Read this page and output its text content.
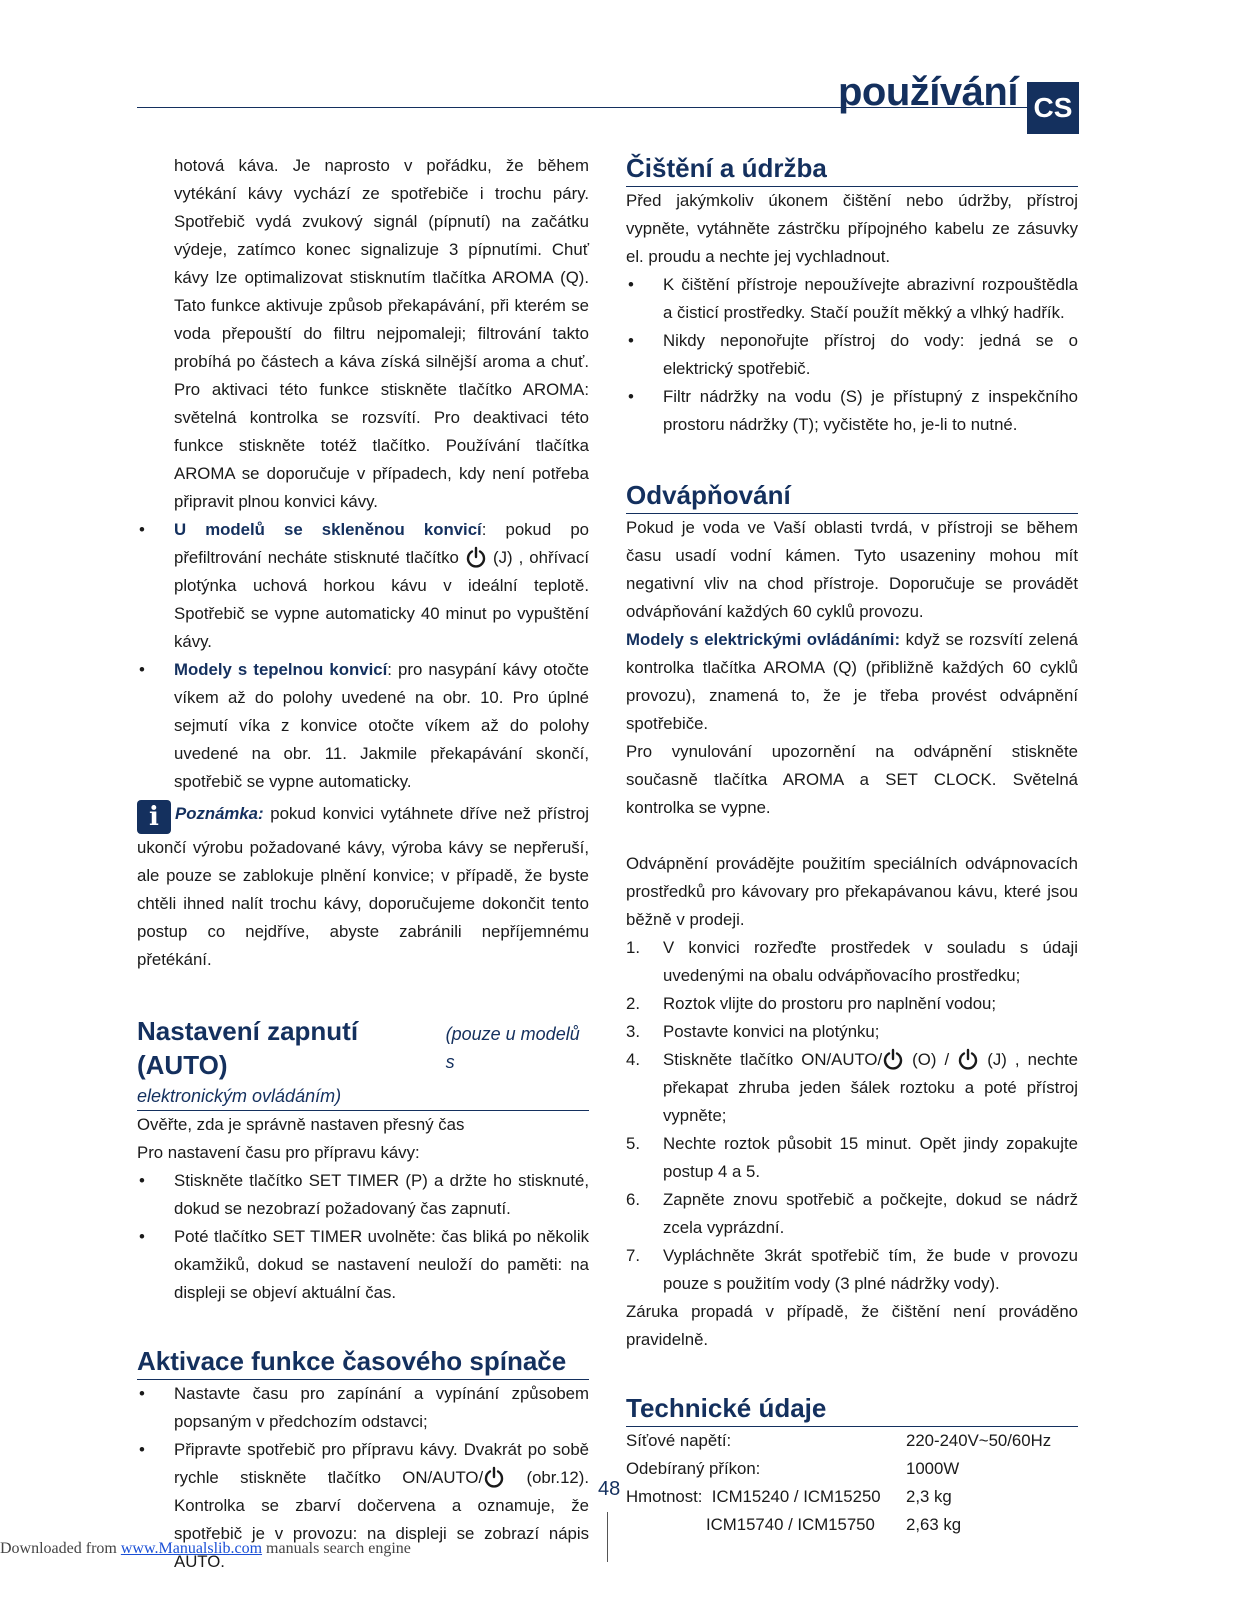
používání CS

hotová káva. Je naprosto v pořádku, že během vytékání kávy vychází ze spotřebiče i trochu páry. Spotřebič vydá zvukový signál (pípnutí) na začátku výdeje, zatímco konec signalizuje 3 pípnutími. Chuť kávy lze optimalizovat stisknutím tlačítka AROMA (Q). Tato funkce aktivuje způsob překapávání, při kterém se voda přepouští do filtru nejpomaleji; filtrování takto probíhá po částech a káva získá silnější aroma a chuť. Pro aktivaci této funkce stiskněte tlačítko AROMA: světelná kontrolka se rozsvítí. Pro deaktivaci této funkce stiskněte totéž tlačítko. Používání tlačítka AROMA se doporučuje v případech, kdy není potřeba připravit plnou konvici kávy.

• U modelů se skleněnou konvicí: pokud po přefiltrování necháte stisknuté tlačítko (J) , ohřívací plotýnka uchová horkou kávu v ideální teplotě. Spotřebič se vypne automaticky 40 minut po vypuštění kávy.

• Modely s tepelnou konvicí: pro nasypání kávy otočte víkem až do polohy uvedené na obr. 10. Pro úplné sejmutí víka z konvice otočte víkem až do polohy uvedené na obr. 11. Jakmile překapávání skončí, spotřebič se vypne automaticky.

i Poznámka: pokud konvici vytáhnete dříve než přístroj ukončí výrobu požadované kávy, výroba kávy se nepřeruší, ale pouze se zablokuje plnění konvice; v případě, že byste chtěli ihned nalít trochu kávy, doporučujeme dokončit tento postup co nejdříve, abyste zabránili nepříjemnému přetékání.

Nastavení zapnutí (AUTO)
(pouze u modelů s
elektronickým ovládáním)

Ověřte, zda je správně nastaven přesný čas

Pro nastavení času pro přípravu kávy:

• Stiskněte tlačítko SET TIMER (P) a držte ho stisknuté, dokud se nezobrazí požadovaný čas zapnutí.

• Poté tlačítko SET TIMER uvolněte: čas bliká po několik okamžiků, dokud se nastavení neuloží do paměti: na displeji se objeví aktuální čas.

Aktivace funkce časového spínače

• Nastavte času pro zapínání a vypínání způsobem popsaným v předchozím odstavci;

• Připravte spotřebič pro přípravu kávy. Dvakrát po sobě rychle stiskněte tlačítko ON/AUTO/ (obr.12). Kontrolka se zbarví dočervena a oznamuje, že spotřebič je v provozu: na displeji se zobrazí nápis AUTO.

Čištění a údržba

Před jakýmkoliv úkonem čištění nebo údržby, přístroj vypněte, vytáhněte zástrčku přípojného kabelu ze zásuvky el. proudu a nechte jej vychladnout.

• K čištění přístroje nepoužívejte abrazivní rozpouštědla a čisticí prostředky. Stačí použít měkký a vlhký hadřík.

• Nikdy neponořujte přístroj do vody: jedná se o elektrický spotřebič.

• Filtr nádržky na vodu (S) je přístupný z inspekčního prostoru nádržky (T); vyčistěte ho, je-li to nutné.

Odvápňování

Pokud je voda ve Vaší oblasti tvrdá, v přístroji se během času usadí vodní kámen. Tyto usazeniny mohou mít negativní vliv na chod přístroje. Doporučuje se provádět odvápňování každých 60 cyklů provozu.

Modely s elektrickými ovládáními: když se rozsvítí zelená kontrolka tlačítka AROMA (Q) (přibližně každých 60 cyklů provozu), znamená to, že je třeba provést odvápnění spotřebiče.

Pro vynulování upozornění na odvápnění stiskněte současně tlačítka AROMA a SET CLOCK. Světelná kontrolka se vypne.

Odvápnění provádějte použitím speciálních odvápnovacích prostředků pro kávovary pro překapávanou kávu, které jsou běžně v prodeji.

1. V konvici rozřeďte prostředek v souladu s údaji uvedenými na obalu odvápňovacího prostředku;

2. Roztok vlijte do prostoru pro naplnění vodou;

3. Postavte konvici na plotýnku;

4. Stiskněte tlačítko ON/AUTO/ (O) /  (J) , nechte překapat zhruba jeden šálek roztoku a poté přístroj vypněte;

5. Nechte roztok působit 15 minut. Opět jindy zopakujte postup 4 a 5.

6. Zapněte znovu spotřebič a počkejte, dokud se nádrž zcela vyprázdní.

7. Vypláchněte 3krát spotřebič tím, že bude v provozu pouze s použitím vody (3 plné nádržky vody).

Záruka propadá v případě, že čištění není prováděno pravidelně.

Technické údaje
Síťové napětí:	220-240V~50/60Hz
Odebíraný příkon:	1000W
Hmotnost:  ICM15240 / ICM15250	2,3 kg
ICM15740 / ICM15750	2,63 kg
48
Downloaded from www.Manualslib.com manuals search engine
